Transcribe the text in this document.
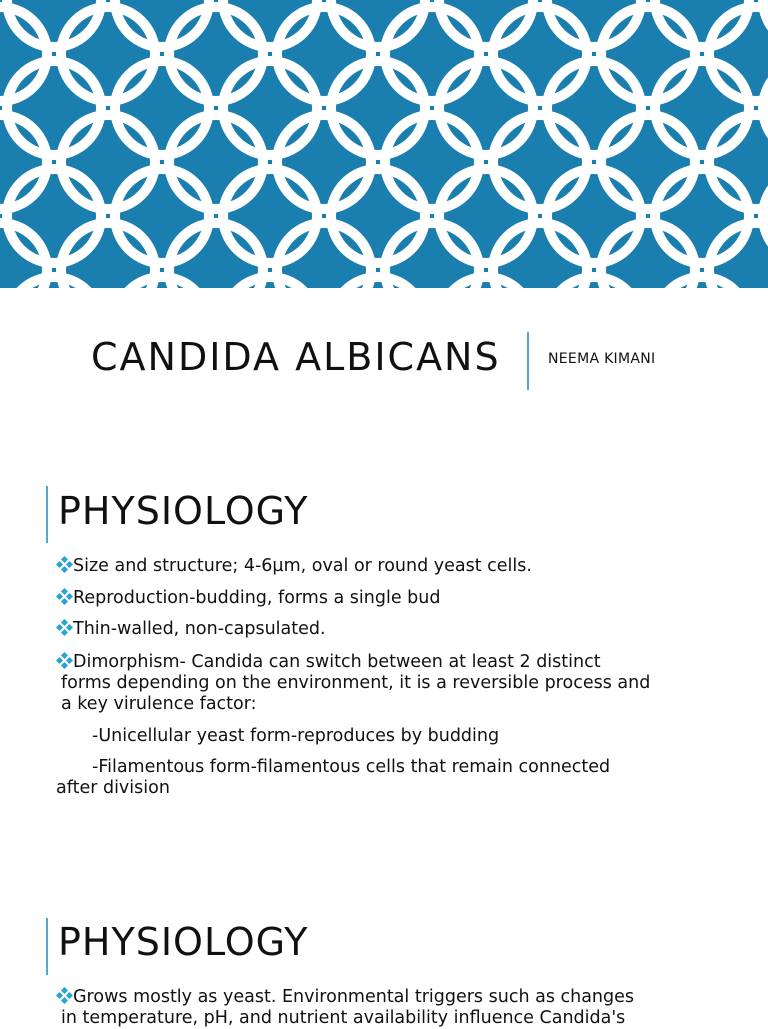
CANDIDA ALBICANS	NEEMA KIMANI
PHYSIOLOGY
Size and structure; 4-6µm, oval or round yeast cells.
Reproduction-budding, forms a single bud
Thin-walled, non-capsulated.
Dimorphism- Candida can switch between at least 2 distinct
forms depending on the environment, it is a reversible process and
a key virulence factor:
-Unicellular yeast form-reproduces by budding
-Filamentous form-filamentous cells that remain connected
after division
PHYSIOLOGY
Grows mostly as yeast. Environmental triggers such as changes
in temperature, pH, and nutrient availability influence Candida's
